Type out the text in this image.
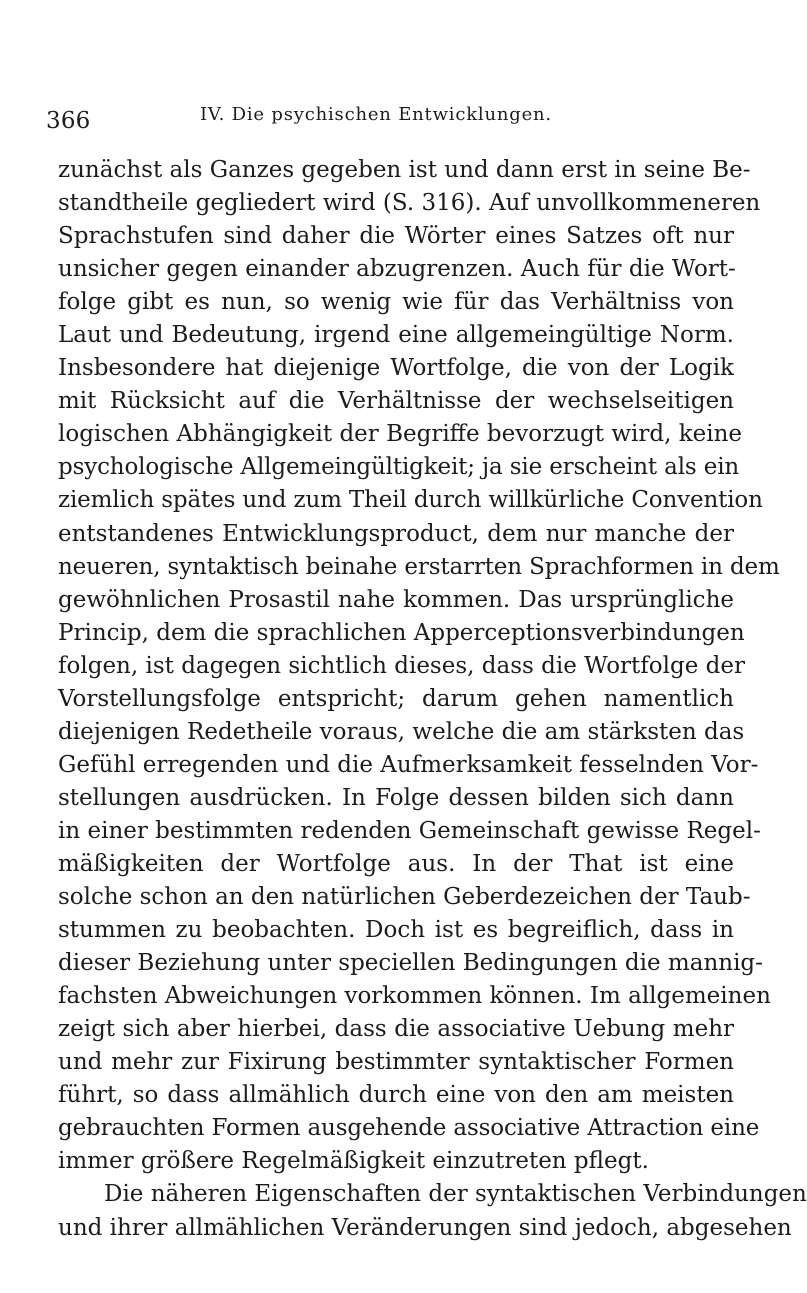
366	IV. Die psychischen Entwicklungen.
zunächst als Ganzes gegeben ist und dann erst in seine Be-
standtheile gegliedert wird (S. 316). Auf unvollkommeneren
Sprachstufen sind daher die Wörter eines Satzes oft nur
unsicher gegen einander abzugrenzen. Auch für die Wort-
folge gibt es nun, so wenig wie für das Verhältniss von
Laut und Bedeutung, irgend eine allgemeingültige Norm.
Insbesondere hat diejenige Wortfolge, die von der Logik
mit Rücksicht auf die Verhältnisse der wechselseitigen
logischen Abhängigkeit der Begriffe bevorzugt wird, keine
psychologische Allgemeingültigkeit; ja sie erscheint als ein
ziemlich spätes und zum Theil durch willkürliche Convention
entstandenes Entwicklungsproduct, dem nur manche der
neueren, syntaktisch beinahe erstarrten Sprachformen in dem
gewöhnlichen Prosastil nahe kommen. Das ursprüngliche
Princip, dem die sprachlichen Apperceptionsverbindungen
folgen, ist dagegen sichtlich dieses, dass die Wortfolge der
Vorstellungsfolge entspricht; darum gehen namentlich
diejenigen Redetheile voraus, welche die am stärksten das
Gefühl erregenden und die Aufmerksamkeit fesselnden Vor-
stellungen ausdrücken. In Folge dessen bilden sich dann
in einer bestimmten redenden Gemeinschaft gewisse Regel-
mäßigkeiten der Wortfolge aus. In der That ist eine
solche schon an den natürlichen Geberdezeichen der Taub-
stummen zu beobachten. Doch ist es begreiflich, dass in
dieser Beziehung unter speciellen Bedingungen die mannig-
fachsten Abweichungen vorkommen können. Im allgemeinen
zeigt sich aber hierbei, dass die associative Uebung mehr
und mehr zur Fixirung bestimmter syntaktischer Formen
führt, so dass allmählich durch eine von den am meisten
gebrauchten Formen ausgehende associative Attraction eine
immer größere Regelmäßigkeit einzutreten pflegt.
Die näheren Eigenschaften der syntaktischen Verbindungen
und ihrer allmählichen Veränderungen sind jedoch, abgesehen
